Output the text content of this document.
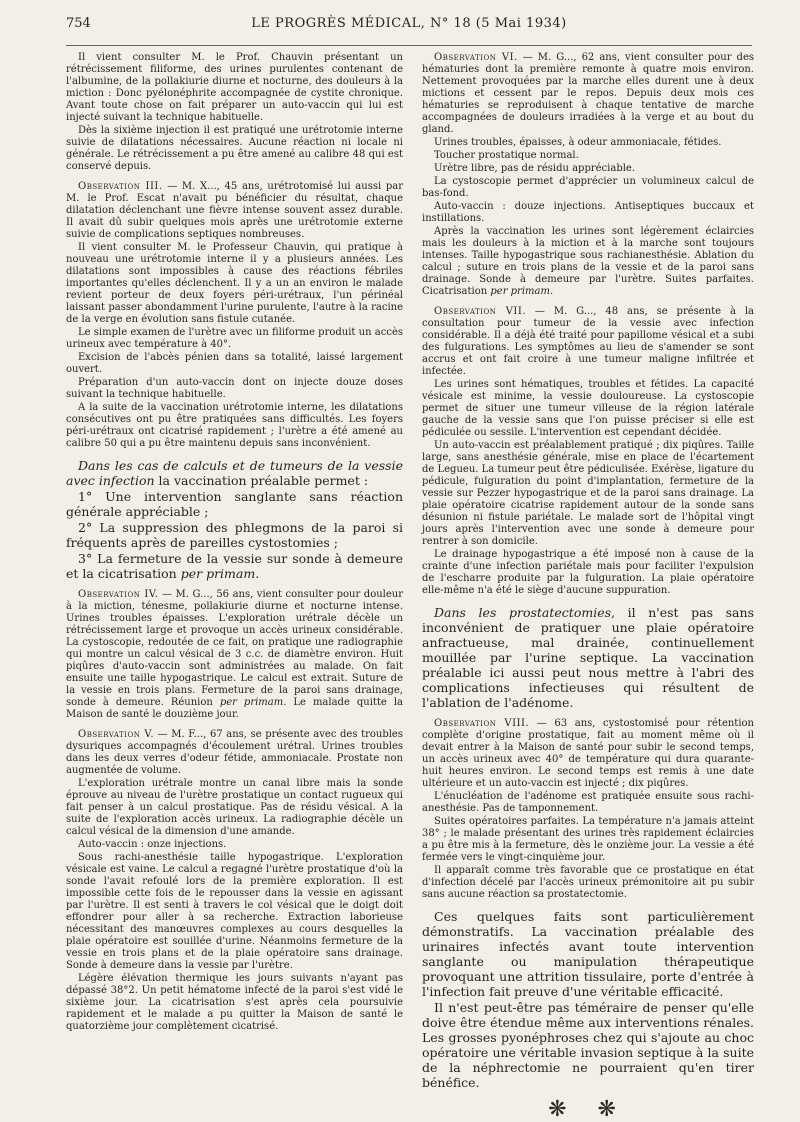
754	LE PROGRÈS MÉDICAL, N° 18 (5 Mai 1934)

Il vient consulter M. le Prof. Chauvin présentant un rétrécissement filiforme, des urines purulentes contenant de l'albumine, de la pollakiurie diurne et nocturne, des douleurs à la miction : Donc pyélonéphrite accompagnée de cystite chronique. Avant toute chose on fait préparer un auto-vaccin qui lui est injecté suivant la technique habituelle.

Dès la sixième injection il est pratiqué une urétrotomie interne suivie de dilatations nécessaires. Aucune réaction ni locale ni générale. Le rétrécissement a pu être amené au calibre 48 qui est conservé depuis.

Observation III. — M. X..., 45 ans, urétrotomisé lui aussi par M. le Prof. Escat n'avait pu bénéficier du résultat, chaque dilatation déclenchant une fièvre intense souvent assez durable. Il avait dû subir quelques mois après une urétrotomie externe suivie de complications septiques nombreuses.

Il vient consulter M. le Professeur Chauvin, qui pratique à nouveau une urétrotomie interne il y a plusieurs années. Les dilatations sont impossibles à cause des réactions fébriles importantes qu'elles déclenchent. Il y a un an environ le malade revient porteur de deux foyers péri-urétraux, l'un périnéal laissant passer abondamment l'urine purulente, l'autre à la racine de la verge en évolution sans fistule cutanée.

Le simple examen de l'urètre avec un filiforme produit un accès urineux avec température à 40°.

Excision de l'abcès pénien dans sa totalité, laissé largement ouvert.

Préparation d'un auto-vaccin dont on injecte douze doses suivant la technique habituelle.

A la suite de la vaccination urétrotomie interne, les dilatations consécutives ont pu être pratiquées sans difficultés. Les foyers péri-urétraux ont cicatrisé rapidement ; l'urètre a été amené au calibre 50 qui a pu être maintenu depuis sans inconvénient.

Dans les cas de calculs et de tumeurs de la vessie avec infection la vaccination préalable permet :

1° Une intervention sanglante sans réaction générale appréciable ;

2° La suppression des phlegmons de la paroi si fréquents après de pareilles cystostomies ;

3° La fermeture de la vessie sur sonde à demeure et la cicatrisation per primam.

Observation IV. — M. G..., 56 ans, vient consulter pour douleur à la miction, ténesme, pollakiurie diurne et nocturne intense. Urines troubles épaisses. L'exploration urétrale décèle un rétrécissement large et provoque un accès urineux considérable. La cystoscopie, redoutée de ce fait, on pratique une radiographie qui montre un calcul vésical de 3 c.c. de diamètre environ. Huit piqûres d'auto-vaccin sont administrées au malade. On fait ensuite une taille hypogastrique. Le calcul est extrait. Suture de la vessie en trois plans. Fermeture de la paroi sans drainage, sonde à demeure. Réunion per primam. Le malade quitte la Maison de santé le douzième jour.

Observation V. — M. F..., 67 ans, se présente avec des troubles dysuriques accompagnés d'écoulement urétral. Urines troubles dans les deux verres d'odeur fétide, ammoniacale. Prostate non augmentée de volume.

L'exploration urétrale montre un canal libre mais la sonde éprouve au niveau de l'urètre prostatique un contact rugueux qui fait penser à un calcul prostatique. Pas de résidu vésical. A la suite de l'exploration accès urineux. La radiographie décèle un calcul vésical de la dimension d'une amande.

Auto-vaccin : onze injections.

Sous rachi-anesthésie taille hypogastrique. L'exploration vésicale est vaine. Le calcul a regagné l'urètre prostatique d'où la sonde l'avait refoulé lors de la première exploration. Il est impossible cette fois de le repousser dans la vessie en agissant par l'urètre. Il est senti à travers le col vésical que le doigt doit effondrer pour aller à sa recherche. Extraction laborieuse nécessitant des manœuvres complexes au cours desquelles la plaie opératoire est souillée d'urine. Néanmoins fermeture de la vessie en trois plans et de la plaie opératoire sans drainage. Sonde à demeure dans la vessie par l'urètre.

Légère élévation thermique les jours suivants n'ayant pas dépassé 38°2. Un petit hématome infecté de la paroi s'est vidé le sixième jour. La cicatrisation s'est après cela poursuivie rapidement et le malade a pu quitter la Maison de santé le quatorzième jour complètement cicatrisé.

Observation VI. — M. G..., 62 ans, vient consulter pour des hématuries dont la première remonte à quatre mois environ. Nettement provoquées par la marche elles durent une à deux mictions et cessent par le repos. Depuis deux mois ces hématuries se reproduisent à chaque tentative de marche accompagnées de douleurs irradiées à la verge et au bout du gland.

Urines troubles, épaisses, à odeur ammoniacale, fétides.

Toucher prostatique normal.

Urètre libre, pas de résidu appréciable.

La cystoscopie permet d'apprécier un volumineux calcul de bas-fond.

Auto-vaccin : douze injections. Antiseptiques buccaux et instillations.

Après la vaccination les urines sont légèrement éclaircies mais les douleurs à la miction et à la marche sont toujours intenses. Taille hypogastrique sous rachianesthésie. Ablation du calcul ; suture en trois plans de la vessie et de la paroi sans drainage. Sonde à demeure par l'urètre. Suites parfaites. Cicatrisation per primam.

Observation VII. — M. G..., 48 ans, se présente à la consultation pour tumeur de la vessie avec infection considérable. Il a déjà été traité pour papillome vésical et a subi des fulgurations. Les symptômes au lieu de s'amender se sont accrus et ont fait croire à une tumeur maligne infiltrée et infectée.

Les urines sont hématiques, troubles et fétides. La capacité vésicale est minime, la vessie douloureuse. La cystoscopie permet de situer une tumeur villeuse de la région latérale gauche de la vessie sans que l'on puisse préciser si elle est pédiculée ou sessile. L'intervention est cependant décidée.

Un auto-vaccin est préalablement pratiqué ; dix piqûres. Taille large, sans anesthésie générale, mise en place de l'écartement de Legueu. La tumeur peut être pédiculisée. Exérèse, ligature du pédicule, fulguration du point d'implantation, fermeture de la vessie sur Pezzer hypogastrique et de la paroi sans drainage. La plaie opératoire cicatrise rapidement autour de la sonde sans désunion ni fistule pariétale. Le malade sort de l'hôpital vingt jours après l'intervention avec une sonde à demeure pour rentrer à son domicile.

Le drainage hypogastrique a été imposé non à cause de la crainte d'une infection pariétale mais pour faciliter l'expulsion de l'escharre produite par la fulguration. La plaie opératoire elle-même n'a été le siège d'aucune suppuration.

Dans les prostatectomies, il n'est pas sans inconvénient de pratiquer une plaie opératoire anfractueuse, mal drainée, continuellement mouillée par l'urine septique. La vaccination préalable ici aussi peut nous mettre à l'abri des complications infectieuses qui résultent de l'ablation de l'adénome.

Observation VIII. — 63 ans, cystostomisé pour rétention complète d'origine prostatique, fait au moment même où il devait entrer à la Maison de santé pour subir le second temps, un accès urineux avec 40° de température qui dura quarante-huit heures environ. Le second temps est remis à une date ultérieure et un auto-vaccin est injecté ; dix piqûres.

L'énucléation de l'adénome est pratiquée ensuite sous rachi-anesthésie. Pas de tamponnement.

Suites opératoires parfaites. La température n'a jamais atteint 38° ; le malade présentant des urines très rapidement éclaircies a pu être mis à la fermeture, dès le onzième jour. La vessie a été fermée vers le vingt-cinquième jour.

Il apparaît comme très favorable que ce prostatique en état d'infection décelé par l'accès urineux prémonitoire ait pu subir sans aucune réaction sa prostatectomie.

Ces quelques faits sont particulièrement démonstratifs. La vaccination préalable des urinaires infectés avant toute intervention sanglante ou manipulation thérapeutique provoquant une attrition tissulaire, porte d'entrée à l'infection fait preuve d'une véritable efficacité.

Il n'est peut-être pas téméraire de penser qu'elle doive être étendue même aux interventions rénales. Les grosses pyonéphroses chez qui s'ajoute au choc opératoire une véritable invasion septique à la suite de la néphrectomie ne pourraient qu'en tirer bénéfice.

❋ ❋
